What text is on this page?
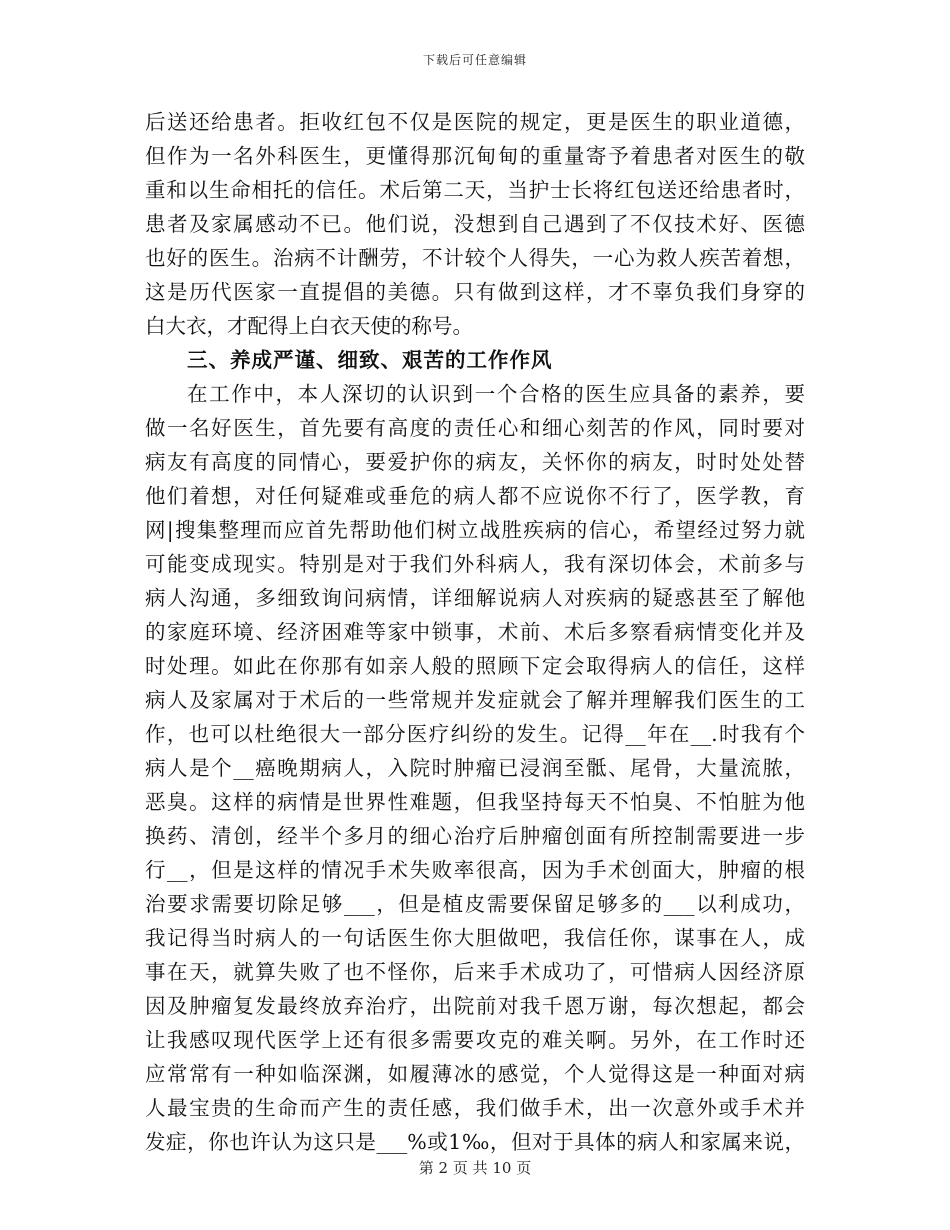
下载后可任意编辑
后送还给患者。拒收红包不仅是医院的规定，更是医生的职业道德，
但作为一名外科医生，更懂得那沉甸甸的重量寄予着患者对医生的敬
重和以生命相托的信任。术后第二天，当护士长将红包送还给患者时，
患者及家属感动不已。他们说，没想到自己遇到了不仅技术好、医德
也好的医生。治病不计酬劳，不计较个人得失，一心为救人疾苦着想，
这是历代医家一直提倡的美德。只有做到这样，才不辜负我们身穿的
白大衣，才配得上白衣天使的称号。
三、养成严谨、细致、艰苦的工作作风
在工作中，本人深切的认识到一个合格的医生应具备的素养，要
做一名好医生，首先要有高度的责任心和细心刻苦的作风，同时要对
病友有高度的同情心，要爱护你的病友，关怀你的病友，时时处处替
他们着想，对任何疑难或垂危的病人都不应说你不行了，医学教，育
网|搜集整理而应首先帮助他们树立战胜疾病的信心，希望经过努力就
可能变成现实。特别是对于我们外科病人，我有深切体会，术前多与
病人沟通，多细致询问病情，详细解说病人对疾病的疑惑甚至了解他
的家庭环境、经济困难等家中锁事，术前、术后多察看病情变化并及
时处理。如此在你那有如亲人般的照顾下定会取得病人的信任，这样
病人及家属对于术后的一些常规并发症就会了解并理解我们医生的工
作，也可以杜绝很大一部分医疗纠纷的发生。记得__年在__.时我有个
病人是个__癌晚期病人，入院时肿瘤已浸润至骶、尾骨，大量流脓，
恶臭。这样的病情是世界性难题，但我坚持每天不怕臭、不怕脏为他
换药、清创，经半个多月的细心治疗后肿瘤创面有所控制需要进一步
行__，但是这样的情况手术失败率很高，因为手术创面大，肿瘤的根
治要求需要切除足够___，但是植皮需要保留足够多的___以利成功，
我记得当时病人的一句话医生你大胆做吧，我信任你，谋事在人，成
事在天，就算失败了也不怪你，后来手术成功了，可惜病人因经济原
因及肿瘤复发最终放弃治疗，出院前对我千恩万谢，每次想起，都会
让我感叹现代医学上还有很多需要攻克的难关啊。另外，在工作时还
应常常有一种如临深渊，如履薄冰的感觉，个人觉得这是一种面对病
人最宝贵的生命而产生的责任感，我们做手术，出一次意外或手术并
发症，你也许认为这只是___%或1‰，但对于具体的病人和家属来说，
第 2 页 共 10 页
